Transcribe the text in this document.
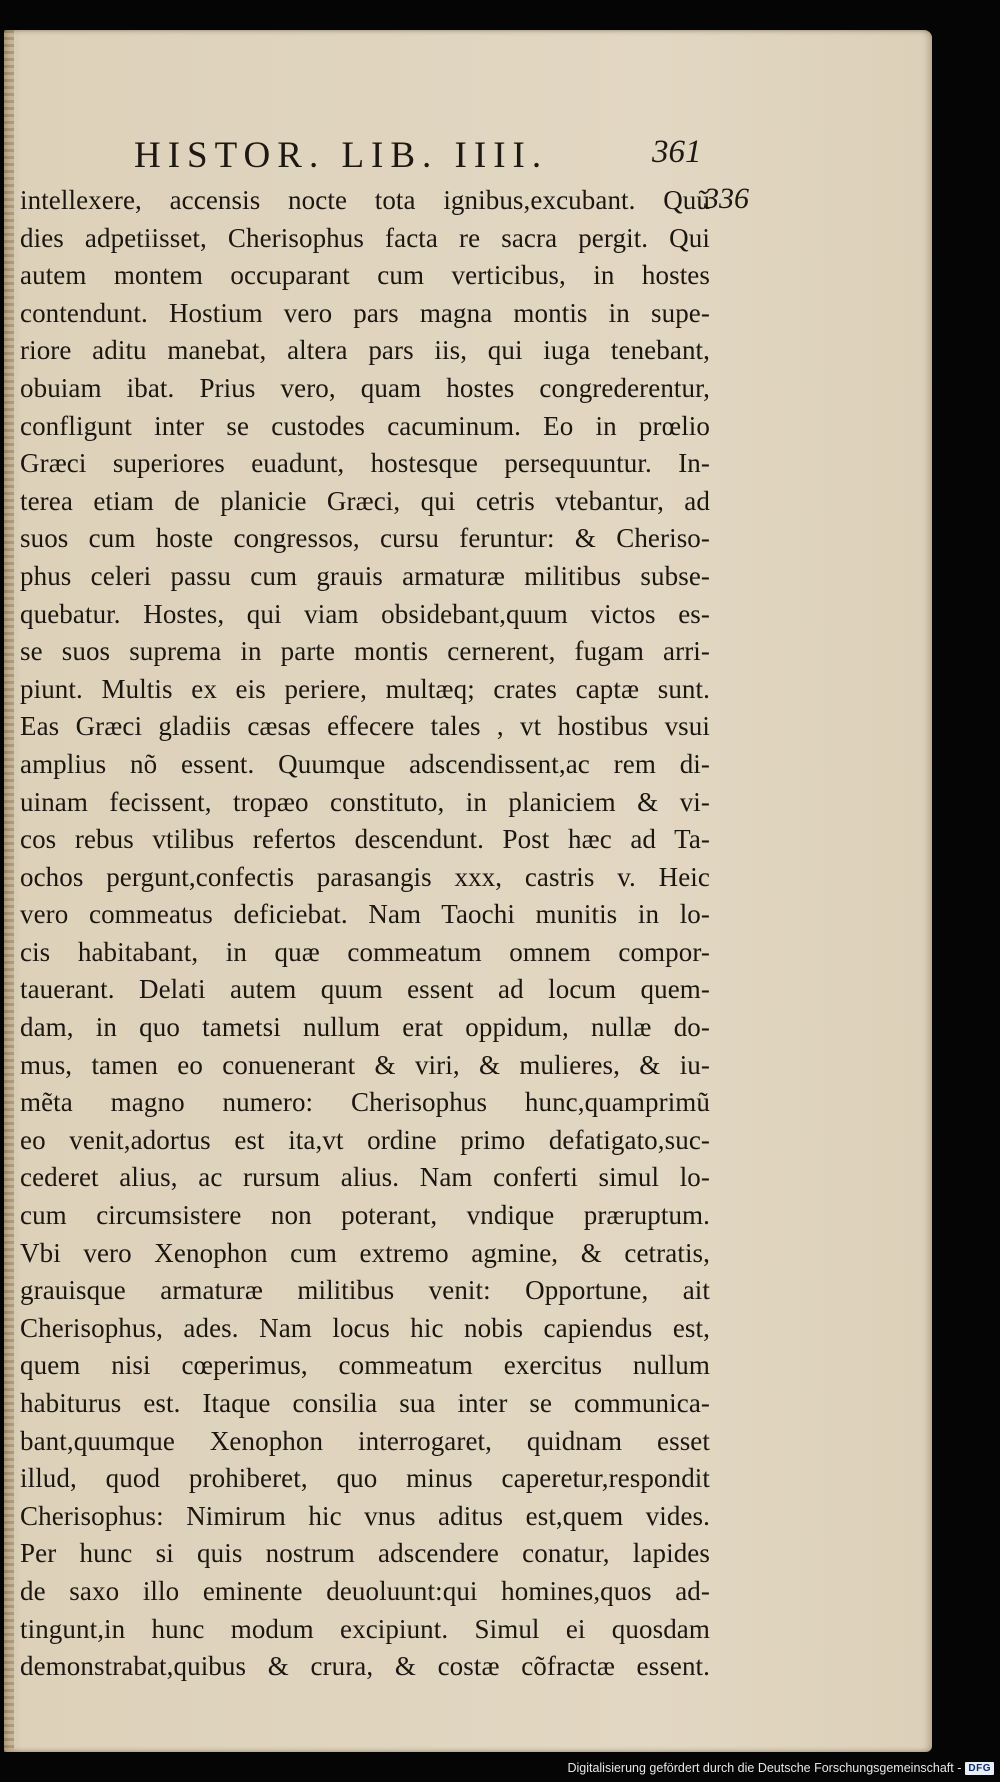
HISTOR. LIB. IIII.	361
336
intellexere, accensis nocte tota ignibus,excubant. Quũ
dies adpetiisset, Cherisophus facta re sacra pergit. Qui
autem montem occuparant cum verticibus, in hostes
contendunt. Hostium vero pars magna montis in supe-
riore aditu manebat, altera pars iis, qui iuga tenebant,
obuiam ibat. Prius vero, quam hostes congrederentur,
confligunt inter se custodes cacuminum. Eo in prœlio
Græci superiores euadunt, hostesque persequuntur. In-
terea etiam de planicie Græci, qui cetris vtebantur, ad
suos cum hoste congressos, cursu feruntur: & Cheriso-
phus celeri passu cum grauis armaturæ militibus subse-
quebatur. Hostes, qui viam obsidebant,quum victos es-
se suos suprema in parte montis cernerent, fugam arri-
piunt. Multis ex eis periere, multæq; crates captæ sunt.
Eas Græci gladiis cæsas effecere tales , vt hostibus vsui
amplius nõ essent. Quumque adscendissent,ac rem di-
uinam fecissent, tropæo constituto, in planiciem & vi-
cos rebus vtilibus refertos descendunt. Post hæc ad Ta-
ochos pergunt,confectis parasangis xxx, castris v. Heic
vero commeatus deficiebat. Nam Taochi munitis in lo-
cis habitabant, in quæ commeatum omnem compor-
tauerant. Delati autem quum essent ad locum quem-
dam, in quo tametsi nullum erat oppidum, nullæ do-
mus, tamen eo conuenerant & viri, & mulieres, & iu-
mẽta magno numero: Cherisophus hunc,quamprimũ
eo venit,adortus est ita,vt ordine primo defatigato,suc-
cederet alius, ac rursum alius. Nam conferti simul lo-
cum circumsistere non poterant, vndique præruptum.
Vbi vero Xenophon cum extremo agmine, & cetratis,
grauisque armaturæ militibus venit: Opportune, ait
Cherisophus, ades. Nam locus hic nobis capiendus est,
quem nisi cœperimus, commeatum exercitus nullum
habiturus est. Itaque consilia sua inter se communica-
bant,quumque Xenophon interrogaret, quidnam esset
illud, quod prohiberet, quo minus caperetur,respondit
Cherisophus: Nimirum hic vnus aditus est,quem vides.
Per hunc si quis nostrum adscendere conatur, lapides
de saxo illo eminente deuoluunt:qui homines,quos ad-
tingunt,in hunc modum excipiunt. Simul ei quosdam
demonstrabat,quibus & crura, & costæ cõfractæ essent.
Digitalisierung gefördert durch die Deutsche Forschungsgemeinschaft - DFG
